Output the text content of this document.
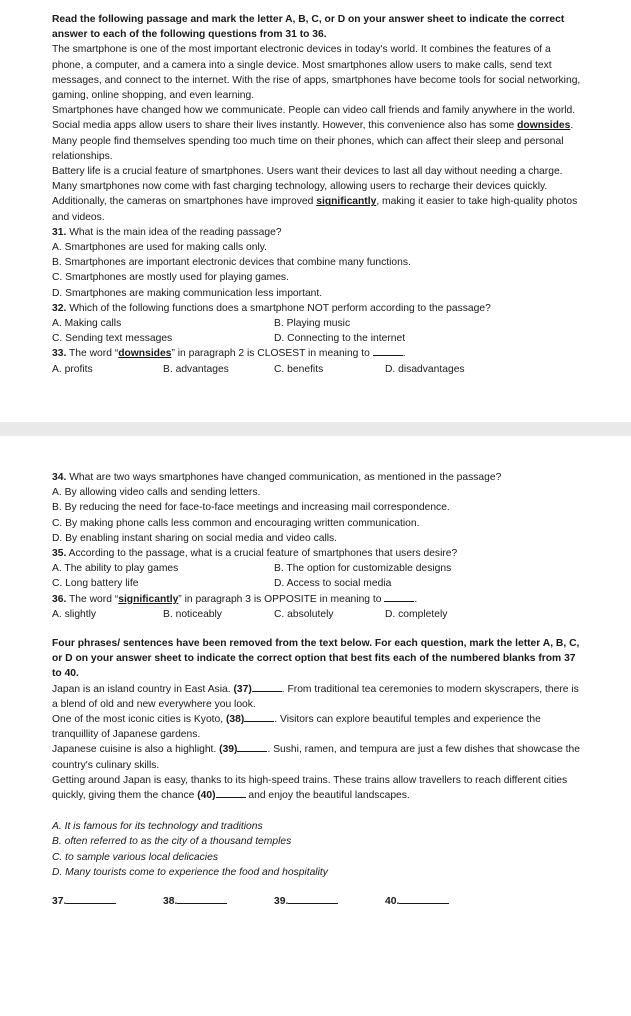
Read the following passage and mark the letter A, B, C, or D on your answer sheet to indicate the correct answer to each of the following questions from 31 to 36.

The smartphone is one of the most important electronic devices in today's world. It combines the features of a phone, a computer, and a camera into a single device. Most smartphones allow users to make calls, send text messages, and connect to the internet. With the rise of apps, smartphones have become tools for social networking, gaming, online shopping, and even learning.

Smartphones have changed how we communicate. People can video call friends and family anywhere in the world. Social media apps allow users to share their lives instantly. However, this convenience also has some downsides. Many people find themselves spending too much time on their phones, which can affect their sleep and personal relationships.

Battery life is a crucial feature of smartphones. Users want their devices to last all day without needing a charge. Many smartphones now come with fast charging technology, allowing users to recharge their devices quickly. Additionally, the cameras on smartphones have improved significantly, making it easier to take high-quality photos and videos.

31. What is the main idea of the reading passage?

A. Smartphones are used for making calls only.

B. Smartphones are important electronic devices that combine many functions.

C. Smartphones are mostly used for playing games.

D. Smartphones are making communication less important.

32. Which of the following functions does a smartphone NOT perform according to the passage?

A. Making calls	B. Playing music
C. Sending text messages	D. Connecting to the internet

33. The word “downsides” in paragraph 2 is CLOSEST in meaning to	.

A. profits	B. advantages	C. benefits	D. disadvantages

34. What are two ways smartphones have changed communication, as mentioned in the passage?

A. By allowing video calls and sending letters.

B. By reducing the need for face-to-face meetings and increasing mail correspondence.

C. By making phone calls less common and encouraging written communication.

D. By enabling instant sharing on social media and video calls.

35. According to the passage, what is a crucial feature of smartphones that users desire?

A. The ability to play games	B. The option for customizable designs
C. Long battery life	D. Access to social media

36. The word “significantly” in paragraph 3 is OPPOSITE in meaning to	.

A. slightly	B. noticeably	C. absolutely	D. completely

Four phrases/ sentences have been removed from the text below. For each question, mark the letter A, B, C, or D on your answer sheet to indicate the correct option that best fits each of the numbered blanks from 37 to 40.

Japan is an island country in East Asia. (37)	. From traditional tea ceremonies to modern skyscrapers, there is a blend of old and new everywhere you look.

One of the most iconic cities is Kyoto, (38)	. Visitors can explore beautiful temples and experience the tranquillity of Japanese gardens.

Japanese cuisine is also a highlight. (39)	. Sushi, ramen, and tempura are just a few dishes that showcase the country's culinary skills.

Getting around Japan is easy, thanks to its high-speed trains. These trains allow travellers to reach different cities quickly, giving them the chance (40)	and enjoy the beautiful landscapes.

A. It is famous for its technology and traditions

B. often referred to as the city of a thousand temples

C. to sample various local delicacies

D. Many tourists come to experience the food and hospitality

37.	38.	39.	40.
